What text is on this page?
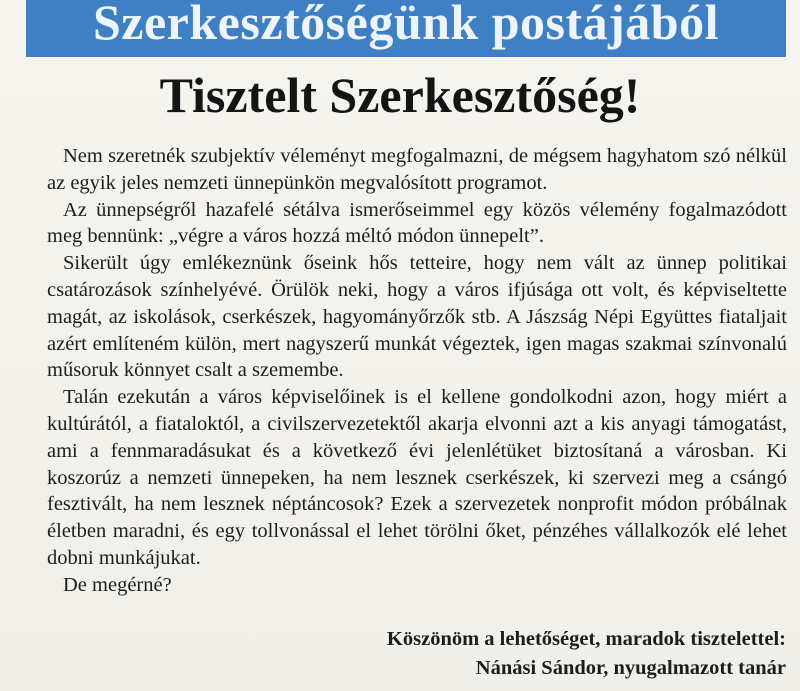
Szerkesztőségünk postájából
Tisztelt Szerkesztőség!

Nem szeretnék szubjektív véleményt megfogalmazni, de mégsem hagyhatom szó nélkül az egyik jeles nemzeti ünnepünkön megvalósított programot.

Az ünnepségről hazafelé sétálva ismerőseimmel egy közös vélemény fogalmazódott meg bennünk: „végre a város hozzá méltó módon ünnepelt”.

Sikerült úgy emlékeznünk őseink hős tetteire, hogy nem vált az ünnep politikai csatározások színhelyévé. Örülök neki, hogy a város ifjúsága ott volt, és képviseltette magát, az iskolások, cserkészek, hagyományőrzők stb. A Jászság Népi Együttes fiataljait azért említeném külön, mert nagyszerű munkát végeztek, igen magas szakmai színvonalú műsoruk könnyet csalt a szemembe.

Talán ezekután a város képviselőinek is el kellene gondolkodni azon, hogy miért a kultúrától, a fiataloktól, a civilszervezetektől akarja elvonni azt a kis anyagi támogatást, ami a fennmaradásukat és a következő évi jelenlétüket biztosítaná a városban. Ki koszorúz a nemzeti ünnepeken, ha nem lesznek cserkészek, ki szervezi meg a csángó fesztivált, ha nem lesznek néptáncosok? Ezek a szervezetek nonprofit módon próbálnak életben maradni, és egy tollvonással el lehet törölni őket, pénzéhes vállalkozók elé lehet dobni munkájukat.

De megérné?

Köszönöm a lehetőséget, maradok tisztelettel:
Nánási Sándor, nyugalmazott tanár
